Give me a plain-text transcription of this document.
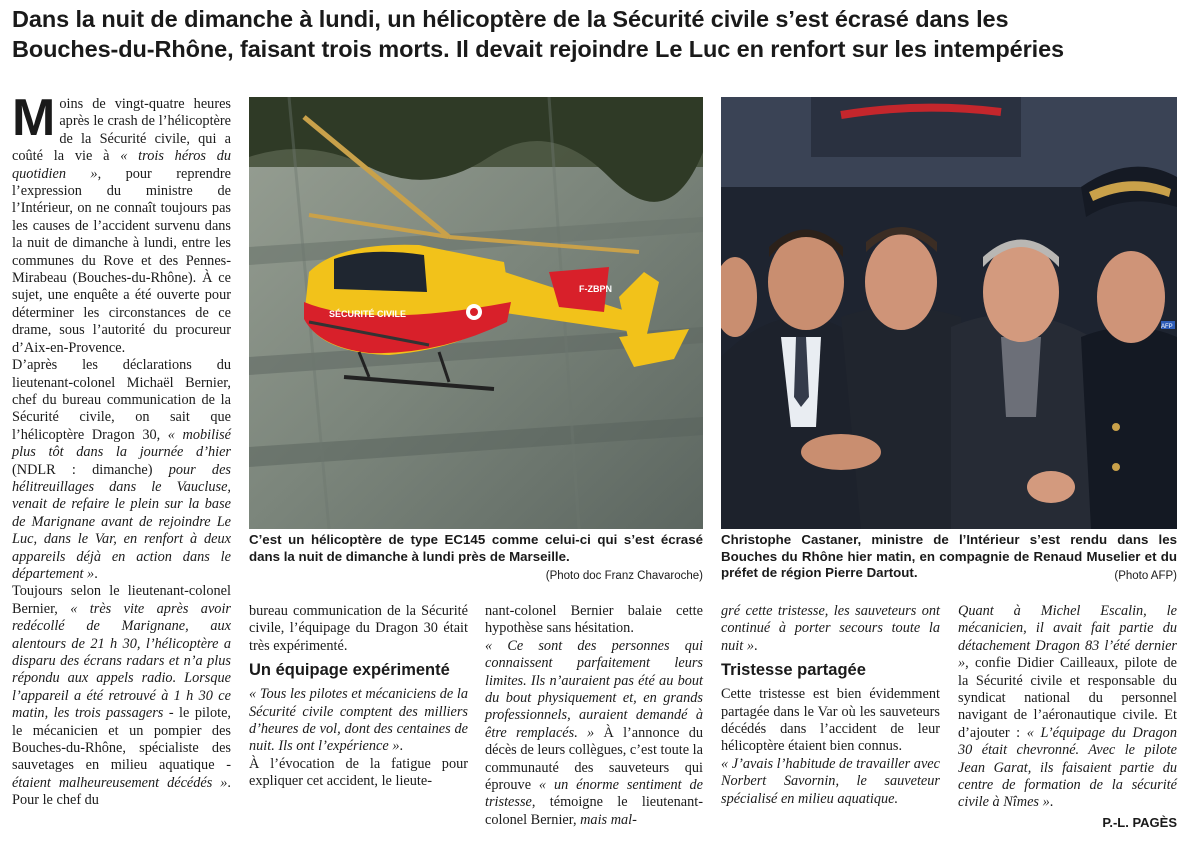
Dans la nuit de dimanche à lundi, un hélicoptère de la Sécurité civile s’est écrasé dans les
Bouches-du-Rhône, faisant trois morts. Il devait rejoindre Le Luc en renfort sur les intempéries

Moins de vingt-quatre heures après le crash de l’hélicoptère de la Sécurité civile, qui a coûté la vie à « trois héros du quotidien », pour reprendre l’expression du ministre de l’Intérieur, on ne connaît toujours pas les causes de l’accident survenu dans la nuit de dimanche à lundi, entre les communes du Rove et des Pennes-Mirabeau (Bouches-du-Rhône). À ce sujet, une enquête a été ouverte pour déterminer les circonstances de ce drame, sous l’autorité du procureur d’Aix-en-Provence.

D’après les déclarations du lieutenant-colonel Michaël Bernier, chef du bureau communication de la Sécurité civile, on sait que l’hélicoptère Dragon 30, « mobilisé plus tôt dans la journée d’hier (NDLR : dimanche) pour des hélitreuillages dans le Vaucluse, venait de refaire le plein sur la base de Marignane avant de rejoindre Le Luc, dans le Var, en renfort à deux appareils déjà en action dans le département ».

Toujours selon le lieutenant-colonel Bernier, « très vite après avoir redécollé de Marignane, aux alentours de 21 h 30, l’hélicoptère a disparu des écrans radars et n’a plus répondu aux appels radio. Lorsque l’appareil a été retrouvé à 1 h 30 ce matin, les trois passagers - le pilote, le mécanicien et un pompier des Bouches-du-Rhône, spécialiste des sauvetages en milieu aquatique - étaient malheureusement décédés ». Pour le chef du

SÉCURITÉ CIVILE
F-ZBPN
C’est un hélicoptère de type EC145 comme celui-ci qui s’est écrasé dans la nuit de dimanche à lundi près de Marseille.
(Photo doc Franz Chavaroche)
AFP
Christophe Castaner, ministre de l’Intérieur s’est rendu dans les Bouches du Rhône hier matin, en compagnie de Renaud Muselier et du préfet de région Pierre Dartout.	(Photo AFP)

bureau communication de la Sécurité civile, l’équipage du Dragon 30 était très expérimenté.

Un équipage expérimenté

« Tous les pilotes et mécaniciens de la Sécurité civile comptent des milliers d’heures de vol, dont des centaines de nuit. Ils ont l’expérience ».

À l’évocation de la fatigue pour expliquer cet accident, le lieute-

nant-colonel Bernier balaie cette hypothèse sans hésitation.

« Ce sont des personnes qui connaissent parfaitement leurs limites. Ils n’auraient pas été au bout du bout physiquement et, en grands professionnels, auraient demandé à être remplacés. » À l’annonce du décès de leurs collègues, c’est toute la communauté des sauveteurs qui éprouve « un énorme sentiment de tristesse, témoigne le lieutenant-colonel Bernier, mais mal-

gré cette tristesse, les sauveteurs ont continué à porter secours toute la nuit ».

Tristesse partagée

Cette tristesse est bien évidemment partagée dans le Var où les sauveteurs décédés dans l’accident de leur hélicoptère étaient bien connus.

« J’avais l’habitude de travailler avec Norbert Savornin, le sauveteur spécialisé en milieu aquatique.

Quant à Michel Escalin, le mécanicien, il avait fait partie du détachement Dragon 83 l’été dernier », confie Didier Cailleaux, pilote de la Sécurité civile et responsable du syndicat national du personnel navigant de l’aéronautique civile. Et d’ajouter : « L’équipage du Dragon 30 était chevronné. Avec le pilote Jean Garat, ils faisaient partie du centre de formation de la sécurité civile à Nîmes ».

P.-L. PAGÈS
